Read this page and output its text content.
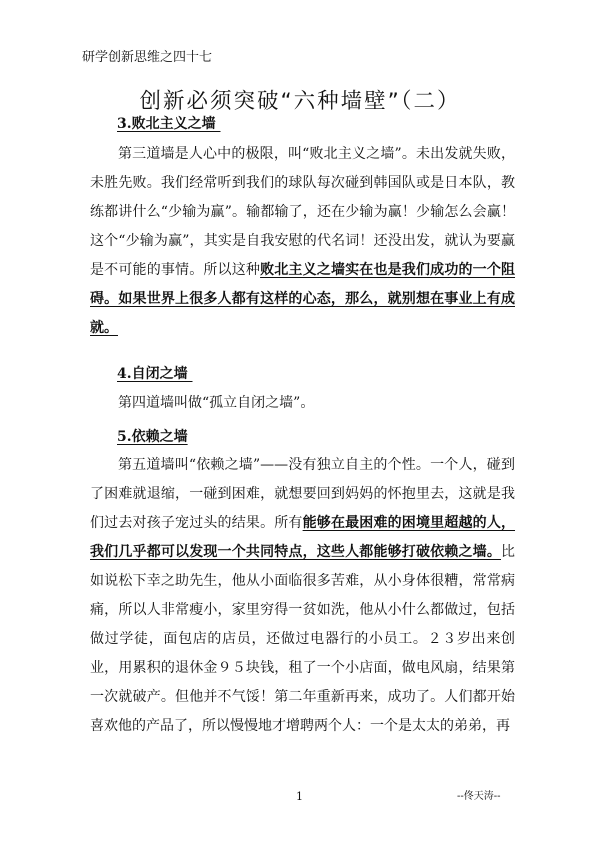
研学创新思维之四十七
创新必须突破“六种墙壁”（二）
3.败北主义之墙

第三道墙是人心中的极限，叫“败北主义之墙”。未出发就失败，未胜先败。我们经常听到我们的球队每次碰到韩国队或是日本队，教练都讲什么“少输为赢”。输都输了，还在少输为赢！少输怎么会赢！这个“少输为赢”，其实是自我安慰的代名词！还没出发，就认为要赢是不可能的事情。所以这种败北主义之墙实在也是我们成功的一个阻碍。如果世界上很多人都有这样的心态，那么，就别想在事业上有成就。

4.自闭之墙

第四道墙叫做“孤立自闭之墙”。

5.依赖之墙

第五道墙叫“依赖之墙”——没有独立自主的个性。一个人，碰到了困难就退缩，一碰到困难，就想要回到妈妈的怀抱里去，这就是我们过去对孩子宠过头的结果。所有能够在最困难的困境里超越的人，我们几乎都可以发现一个共同特点，这些人都能够打破依赖之墙。比如说松下幸之助先生，他从小面临很多苦难，从小身体很糟，常常病痛，所以人非常瘦小，家里穷得一贫如洗，他从小什么都做过，包括做过学徒，面包店的店员，还做过电器行的小员工。２３岁出来创业，用累积的退休金９５块钱，租了一个小店面，做电风扇，结果第一次就破产。但他并不气馁！第二年重新再来，成功了。人们都开始喜欢他的产品了，所以慢慢地才增聘两个人：一个是太太的弟弟，再

1	--佟天涛--
